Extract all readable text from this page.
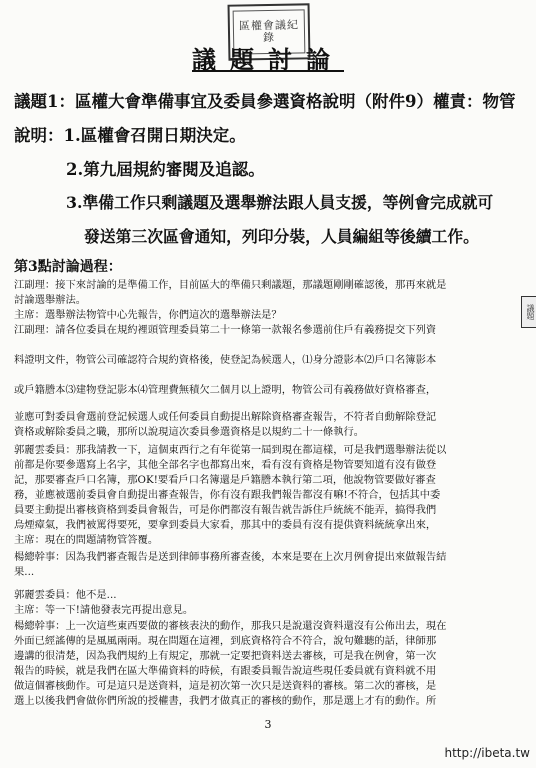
區權會議紀錄
議題討論
議題1：區權大會準備事宜及委員參選資格說明（附件9）權責：物管
說明：1.區權會召開日期決定。
2.第九屆規約審閱及追認。
3.準備工作只剩議題及選舉辦法跟人員支援，等例會完成就可
發送第三次區會通知，列印分裝，人員編組等後續工作。
第3點討論過程：
江副理：接下來討論的是準備工作，目前區大的準備只剩議題，那議題剛剛確認後，那再來就是
討論選舉辦法。
主席：選舉辦法物管中心先報告，你們這次的選舉辦法是？
江副理：請各位委員在規約裡頭管理委員第二十一條第一款報名參選前住戶有義務提交下列資
料證明文件，物管公司確認符合規約資格後，使登記為候選人，⑴身分證影本⑵戶口名簿影本
或戶籍謄本⑶建物登記影本⑷管理費無積欠二個月以上證明，物管公司有義務做好資格審查，
並應可對委員會選前登記候選人或任何委員自動提出解除資格審查報告，不符者自動解除登記
資格或解除委員之職，那所以說現這次委員參選資格是以規約二十一條執行。
郭麗雲委員：那我請教一下，這個東西行之有年從第一屆到現在都這樣，可是我們選舉辦法從以
前都是你要參選寫上名字，其他全部名字也都寫出來，看有沒有資格是物管要知道有沒有做登
記，那要審查戶口名簿，那OK!要看戶口名簿還是戶籍謄本執行第二項，他說物管要做好審查
務，並應被選前委員會自動提出審查報告，你有沒有跟我們報告都沒有嘛!不符合，包括其中委
員要主動提出審核資格到委員會報告，可是你們都沒有報告就告訴住戶統統不能弄，搞得我們
烏煙瘴氣，我們被罵得要死，要拿到委員大家看，那其中的委員有沒有提供資料統統拿出來，
主席：現在的問題請物管答覆。
楊總幹事：因為我們審查報告是送到律師事務所審查後，本來是要在上次月例會提出來做報告結
果...
郭麗雲委員：他不是...
主席：等一下!請他發表完再提出意見。
楊總幹事：上一次這些東西要做的審核表決的動作，那我只是說還沒資料還沒有公佈出去，現在
外面已經謠傳的是風風兩兩。現在問題在這裡，到底資格符合不符合，說句難聽的話，律師那
邊講的很清楚，因為我們規約上有規定，那就一定要把資料送去審核，可是我在例會，第一次
報告的時候，就是我們在區大準備資料的時候，有跟委員報告說這些現任委員就有資料就不用
做這個審核動作。可是這只是送資料，這是初次第一次只是送資料的審核。第二次的審核，是
選上以後我們會做你們所說的授權書，我們才做真正的審核的動作，那是選上才有的動作。所
議題
3
http://ibeta.tw
